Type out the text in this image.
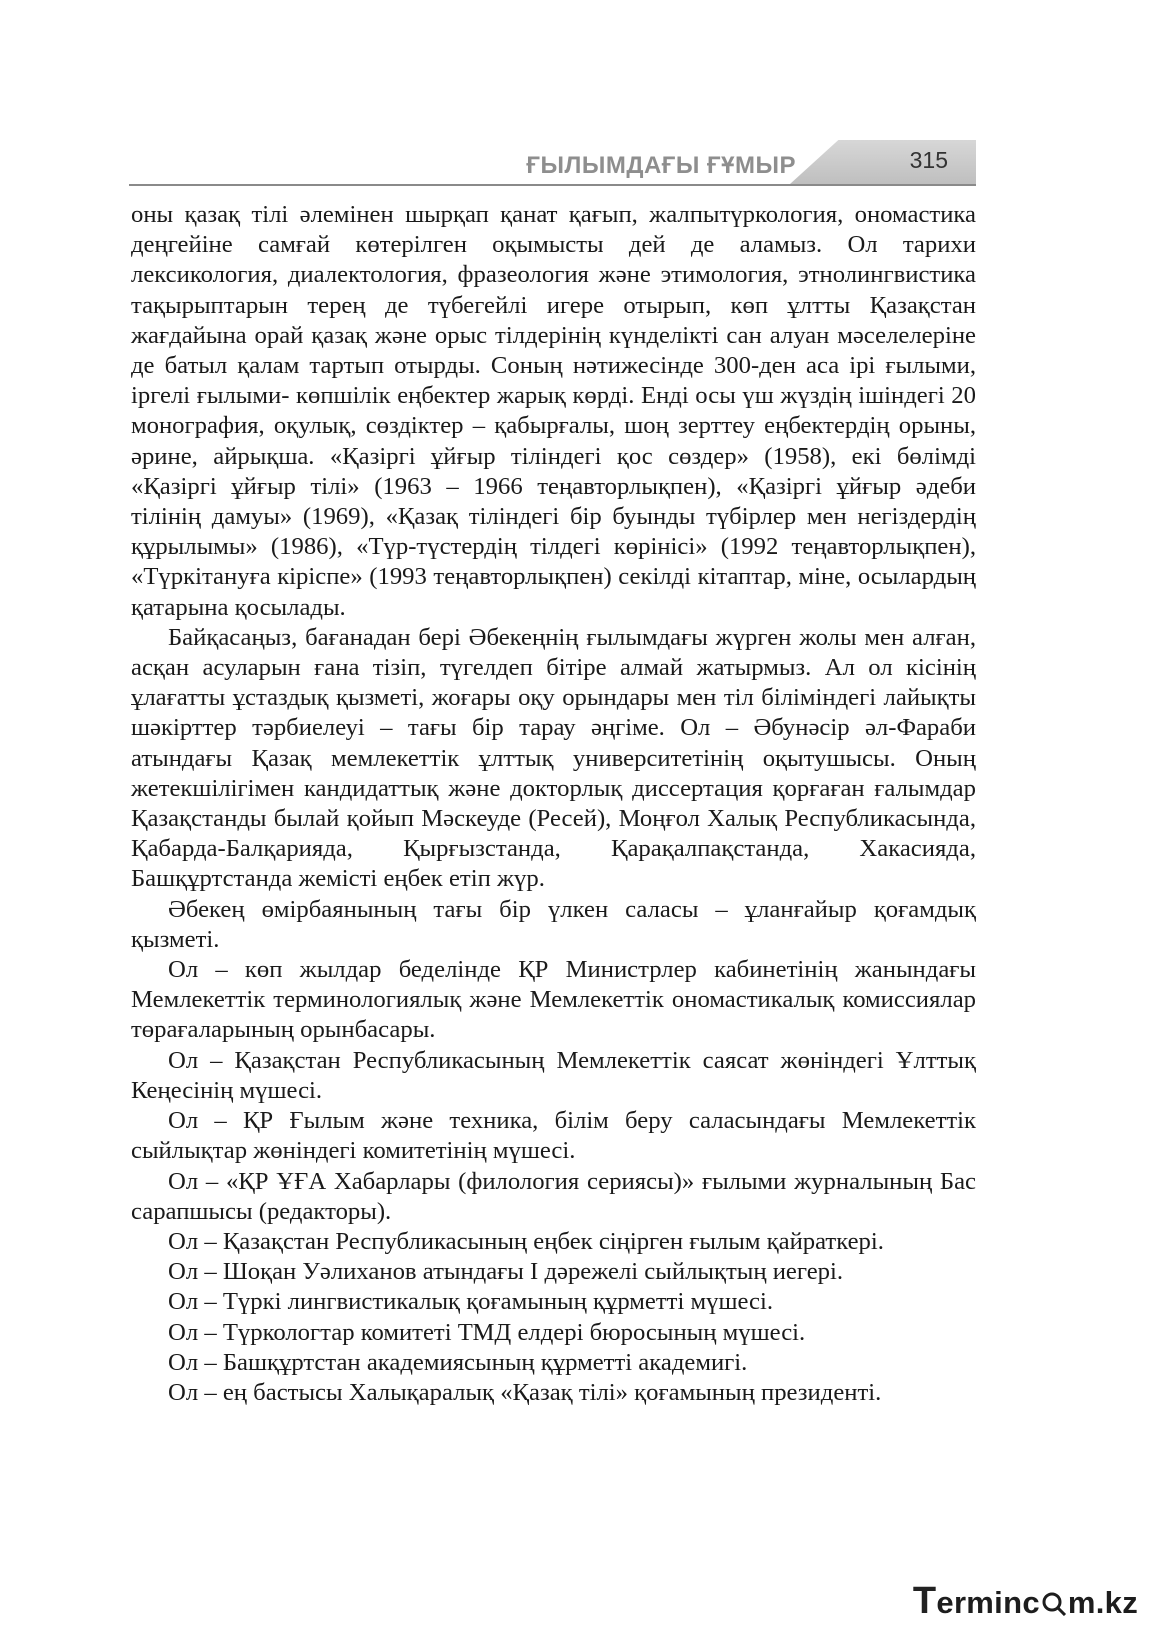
ҒЫЛЫМДАҒЫ ҒҰМЫР	315

оны қазақ тілі әлемінен шырқап қанат қағып, жалпытүркология, ономастика деңгейіне самғай көтерілген оқымысты дей де аламыз. Ол тарихи лексикология, диалектология, фразеология және этимология, этнолингвистика тақырыптарын терең де түбегейлі игере отырып, көп ұлтты Қазақстан жағдайына орай қазақ және орыс тілдерінің күнделікті сан алуан мәселелеріне де батыл қалам тартып отырды. Соның нәтижесінде 300-ден аса ірі ғылыми, іргелі ғылыми- көпшілік еңбектер жарық көрді. Енді осы үш жүздің ішіндегі 20 монография, оқулық, сөздіктер – қабырғалы, шоң зерттеу еңбектердің орыны, әрине, айрықша. «Қазіргі ұйғыр тіліндегі қос сөздер» (1958), екі бөлімді «Қазіргі ұйғыр тілі» (1963 – 1966 теңавторлықпен), «Қазіргі ұйғыр әдеби тілінің дамуы» (1969), «Қазақ тіліндегі бір буынды түбірлер мен негіздердің құрылымы» (1986), «Түр-түстердің тілдегі көрінісі» (1992 теңавторлықпен), «Түркітануға кіріспе» (1993 теңавторлықпен) секілді кітаптар, міне, осылардың қатарына қосылады.

Байқасаңыз, бағанадан бері Әбекеңнің ғылымдағы жүрген жолы мен алған, асқан асуларын ғана тізіп, түгелдеп бітіре алмай жатырмыз. Ал ол кісінің ұлағатты ұстаздық қызметі, жоғары оқу орындары мен тіл біліміндегі лайықты шәкірттер тәрбиелеуі – тағы бір тарау әңгіме. Ол – Әбунәсір әл-Фараби атындағы Қазақ мемлекеттік ұлттық университетінің оқытушысы. Оның жетекшілігімен кандидаттық және докторлық диссертация қорғаған ғалымдар Қазақстанды былай қойып Мәскеуде (Ресей), Моңғол Халық Республикасында, Қабарда-Балқарияда, Қырғызстанда, Қарақалпақстанда, Хакасияда, Башқұртстанда жемісті еңбек етіп жүр.

Әбекең өмірбаянының тағы бір үлкен саласы – ұланғайыр қоғамдық қызметі.

Ол – көп жылдар беделінде ҚР Министрлер кабинетінің жанындағы Мемлекеттік терминологиялық және Мемлекеттік ономастикалық комиссиялар төрағаларының орынбасары.

Ол – Қазақстан Республикасының Мемлекеттік саясат жөніндегі Ұлттық Кеңесінің мүшесі.

Ол – ҚР Ғылым және техника, білім беру саласындағы Мемлекеттік сыйлықтар жөніндегі комитетінің мүшесі.

Ол – «ҚР ҰҒА Хабарлары (филология сериясы)» ғылыми журналының Бас сарапшысы (редакторы).

Ол – Қазақстан Республикасының еңбек сіңірген ғылым қайраткері.

Ол – Шоқан Уәлиханов атындағы І дәрежелі сыйлықтың иегері.

Ол – Түркі лингвистикалық қоғамының құрметті мүшесі.

Ол – Түркологтар комитеті ТМД елдері бюросының мүшесі.

Ол – Башқұртстан академиясының құрметті академигі.

Ол – ең бастысы Халықаралық «Қазақ тілі» қоғамының президенті.

Terminc m.kz
